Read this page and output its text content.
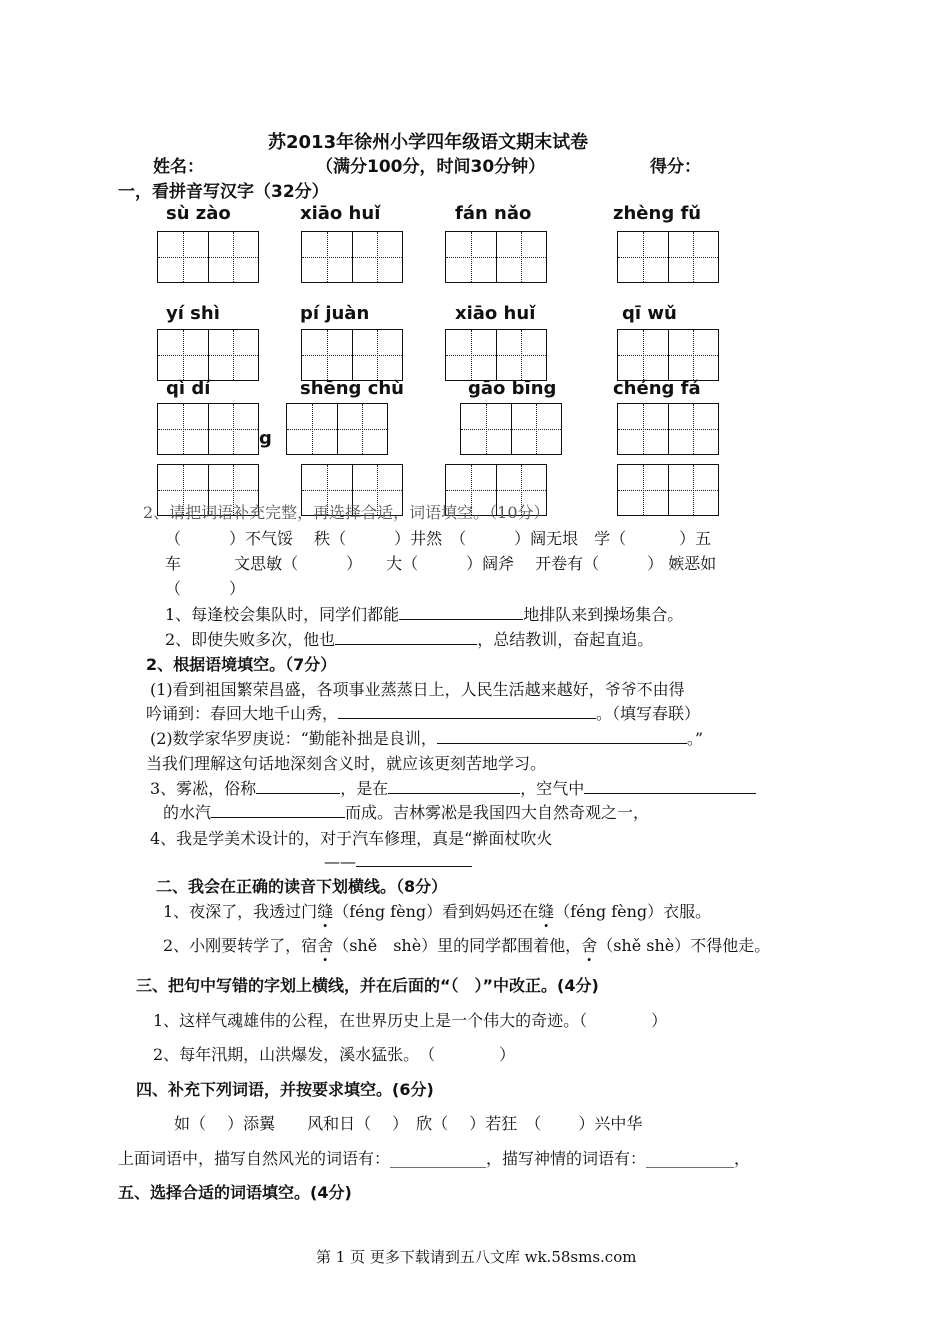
苏2013年徐州小学四年级语文期末试卷
姓名：	（满分100分，时间30分钟）	得分：
一，看拼音写汉字（32分）
sù zào	xiāo huǐ	fán nǎo	zhèng fǔ
yí shì	pí juàn	xiāo huǐ	qī wǔ
qì dí	shēng chù	gāo bīng	chéng fá
g
2、请把词语补充完整，再选择合适，词语填空。（10分）
（　　　）不气馁　 秩（　　　）井然　（　　　）阔无垠　学（　　　 ）五
车　　　 文思敏（　　　）　　大（　　　）阔斧　 开卷有（　　　） 嫉恶如
（　　　）
1、每逢校会集队时，同学们都能	地排队来到操场集合。
2、即使失败多次，他也	，总结教训，奋起直追。
2、根据语境填空。（7分）
(1)看到祖国繁荣昌盛，各项事业蒸蒸日上，人民生活越来越好，爷爷不由得
吟诵到：春回大地千山秀，	。（填写春联）
(2)数学家华罗庚说：“勤能补拙是良训，	。”
当我们理解这句话地深刻含义时，就应该更刻苦地学习。
3、雾凇，俗称	，是在	，空气中
的水汽	而成。吉林雾凇是我国四大自然奇观之一，
4、我是学美术设计的，对于汽车修理，真是“擀面杖吹火
——
二、我会在正确的读音下划横线。（8分）
1、夜深了，我透过门缝（féng fèng）看到妈妈还在缝（féng fèng）衣服。
2、小刚要转学了，宿舍（shě　shè）里的同学都围着他，舍（shě shè）不得他走。
三、把句中写错的字划上横线，并在后面的“（　）”中改正。(4分)
1、这样气魂雄伟的公程，在世界历史上是一个伟大的奇迹。（　　　　）
2、每年汛期，山洪爆发，溪水猛张。　（　　　　）
四、补充下列词语，并按要求填空。(6分)
如（　 ）添翼　　风和日（　 ）　欣（　 ）若狂　（　　 ）兴中华
上面词语中，描写自然风光的词语有：____________，描写神情的词语有：___________，
五、选择合适的词语填空。(4分)
第 1 页 更多下载请到五八文库 wk.58sms.com
